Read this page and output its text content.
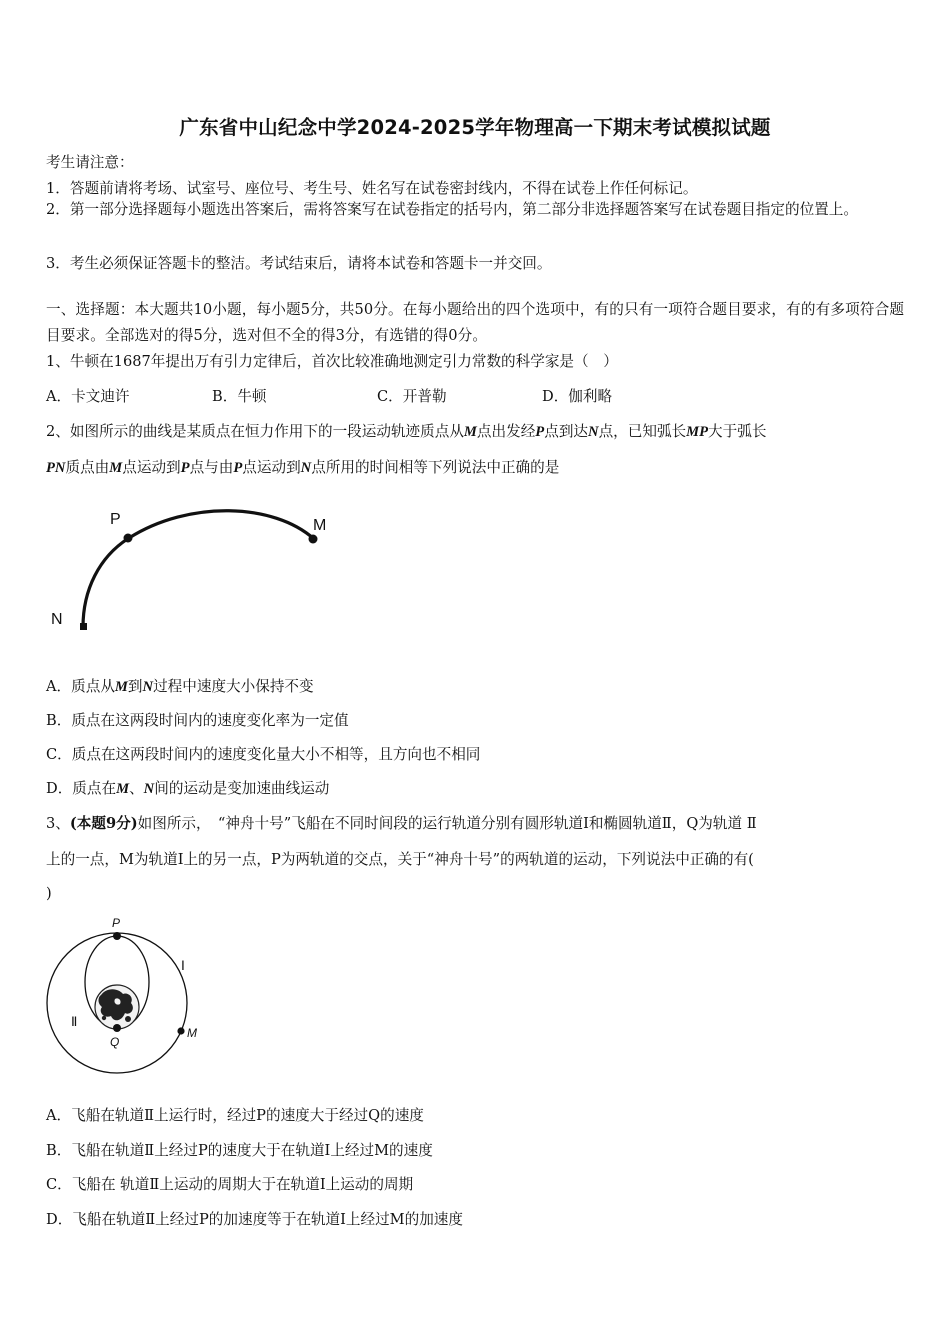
广东省中山纪念中学2024-2025学年物理高一下期末考试模拟试题
考生请注意：
1．答题前请将考场、试室号、座位号、考生号、姓名写在试卷密封线内，不得在试卷上作任何标记。
2．第一部分选择题每小题选出答案后，需将答案写在试卷指定的括号内，第二部分非选择题答案写在试卷题目指定的位置上。
3．考生必须保证答题卡的整洁。考试结束后，请将本试卷和答题卡一并交回。
一、选择题：本大题共10小题，每小题5分，共50分。在每小题给出的四个选项中，有的只有一项符合题目要求，有的有多项符合题目要求。全部选对的得5分，选对但不全的得3分，有选错的得0分。
1、牛顿在1687年提出万有引力定律后，首次比较准确地测定引力常数的科学家是（　）
A．卡文迪许	B．牛顿	C．开普勒	D．伽利略
2、如图所示的曲线是某质点在恒力作用下的一段运动轨迹质点从M点出发经P点到达N点，已知弧长MP大于弧长
PN质点由M点运动到P点与由P点运动到N点所用的时间相等下列说法中正确的是
P	M
N
A．质点从M到N过程中速度大小保持不变
B．质点在这两段时间内的速度变化率为一定值
C．质点在这两段时间内的速度变化量大小不相等，且方向也不相同
D．质点在M、N间的运动是变加速曲线运动
3、(本题9分)如图所示，　“神舟十号”飞船在不同时间段的运行轨道分别有圆形轨道Ⅰ和椭圆轨道Ⅱ，Q为轨道 Ⅱ
上的一点，M为轨道Ⅰ上的另一点，P为两轨道的交点，关于“神舟十号”的两轨道的运动，下列说法中正确的有(
)
P
Q
M
Ⅰ
Ⅱ
A．飞船在轨道Ⅱ上运行时，经过P的速度大于经过Q的速度
B．飞船在轨道Ⅱ上经过P的速度大于在轨道Ⅰ上经过M的速度
C．飞船在 轨道Ⅱ上运动的周期大于在轨道Ⅰ上运动的周期
D．飞船在轨道Ⅱ上经过P的加速度等于在轨道Ⅰ上经过M的加速度
